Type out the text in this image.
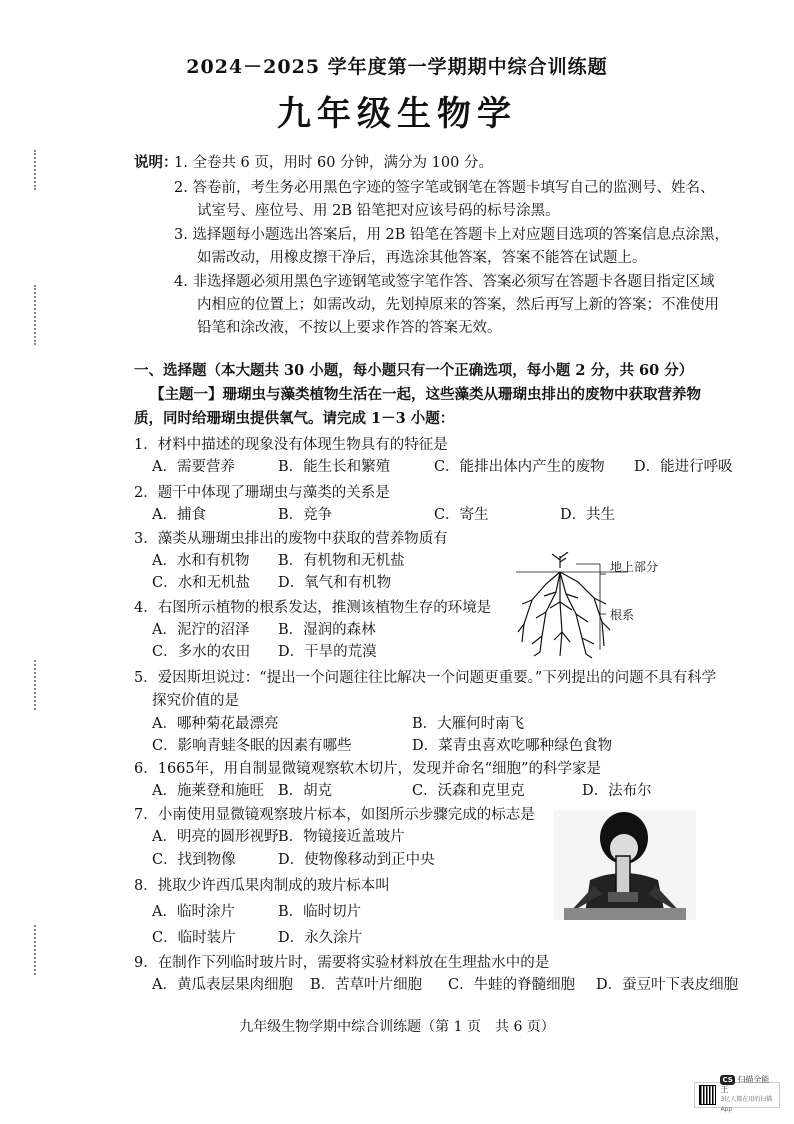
2024－2025 学年度第一学期期中综合训练题
九年级生物学
说明：
1. 全卷共 6 页，用时 60 分钟，满分为 100 分。
2. 答卷前，考生务必用黑色字迹的签字笔或钢笔在答题卡填写自己的监测号、姓名、
试室号、座位号、用 2B 铅笔把对应该号码的标号涂黑。
3. 选择题每小题选出答案后，用 2B 铅笔在答题卡上对应题目选项的答案信息点涂黑，
如需改动，用橡皮擦干净后，再选涂其他答案，答案不能答在试题上。
4. 非选择题必须用黑色字迹钢笔或签字笔作答、答案必须写在答题卡各题目指定区域
内相应的位置上；如需改动，先划掉原来的答案，然后再写上新的答案；不准使用
铅笔和涂改液，不按以上要求作答的答案无效。
一、选择题（本大题共 30 小题，每小题只有一个正确选项，每小题 2 分，共 60 分）
【主题一】珊瑚虫与藻类植物生活在一起，这些藻类从珊瑚虫排出的废物中获取营养物
质，同时给珊瑚虫提供氧气。请完成 1－3 小题：
1．材料中描述的现象没有体现生物具有的特征是
A．需要营养	B．能生长和繁殖	C．能排出体内产生的废物 D．能进行呼吸
2．题干中体现了珊瑚虫与藻类的关系是
A．捕食	B．竞争	C．寄生	D．共生
3．藻类从珊瑚虫排出的废物中获取的营养物质有
A．水和有机物 B．有机物和无机盐
C．水和无机盐 D．氧气和有机物
地上部分
根系
4．右图所示植物的根系发达，推测该植物生存的环境是
A．泥泞的沼泽 B．湿润的森林
C．多水的农田 D．干旱的荒漠
5．爱因斯坦说过：“提出一个问题往往比解决一个问题更重要。”下列提出的问题不具有科学
探究价值的是
A．哪种菊花最漂亮	B．大雁何时南飞
C．影响青蛙冬眠的因素有哪些	D．菜青虫喜欢吃哪种绿色食物
6．1665年，用自制显微镜观察软木切片，发现并命名“细胞”的科学家是
A．施莱登和施旺 B．胡克	C．沃森和克里克	D．法布尔
7．小南使用显微镜观察玻片标本，如图所示步骤完成的标志是
A．明亮的圆形视野 B．物镜接近盖玻片
C．找到物像	D．使物像移动到正中央
8．挑取少许西瓜果肉制成的玻片标本叫
A．临时涂片	B．临时切片
C．临时装片	D．永久涂片
9．在制作下列临时玻片时，需要将实验材料放在生理盐水中的是
A．黄瓜表层果肉细胞 B．苦草叶片细胞 C．牛蛙的脊髓细胞 D．蚕豆叶下表皮细胞
九年级生物学期中综合训练题（第 1 页　共 6 页）
CS 扫描全能王
3亿人都在用的扫描App
